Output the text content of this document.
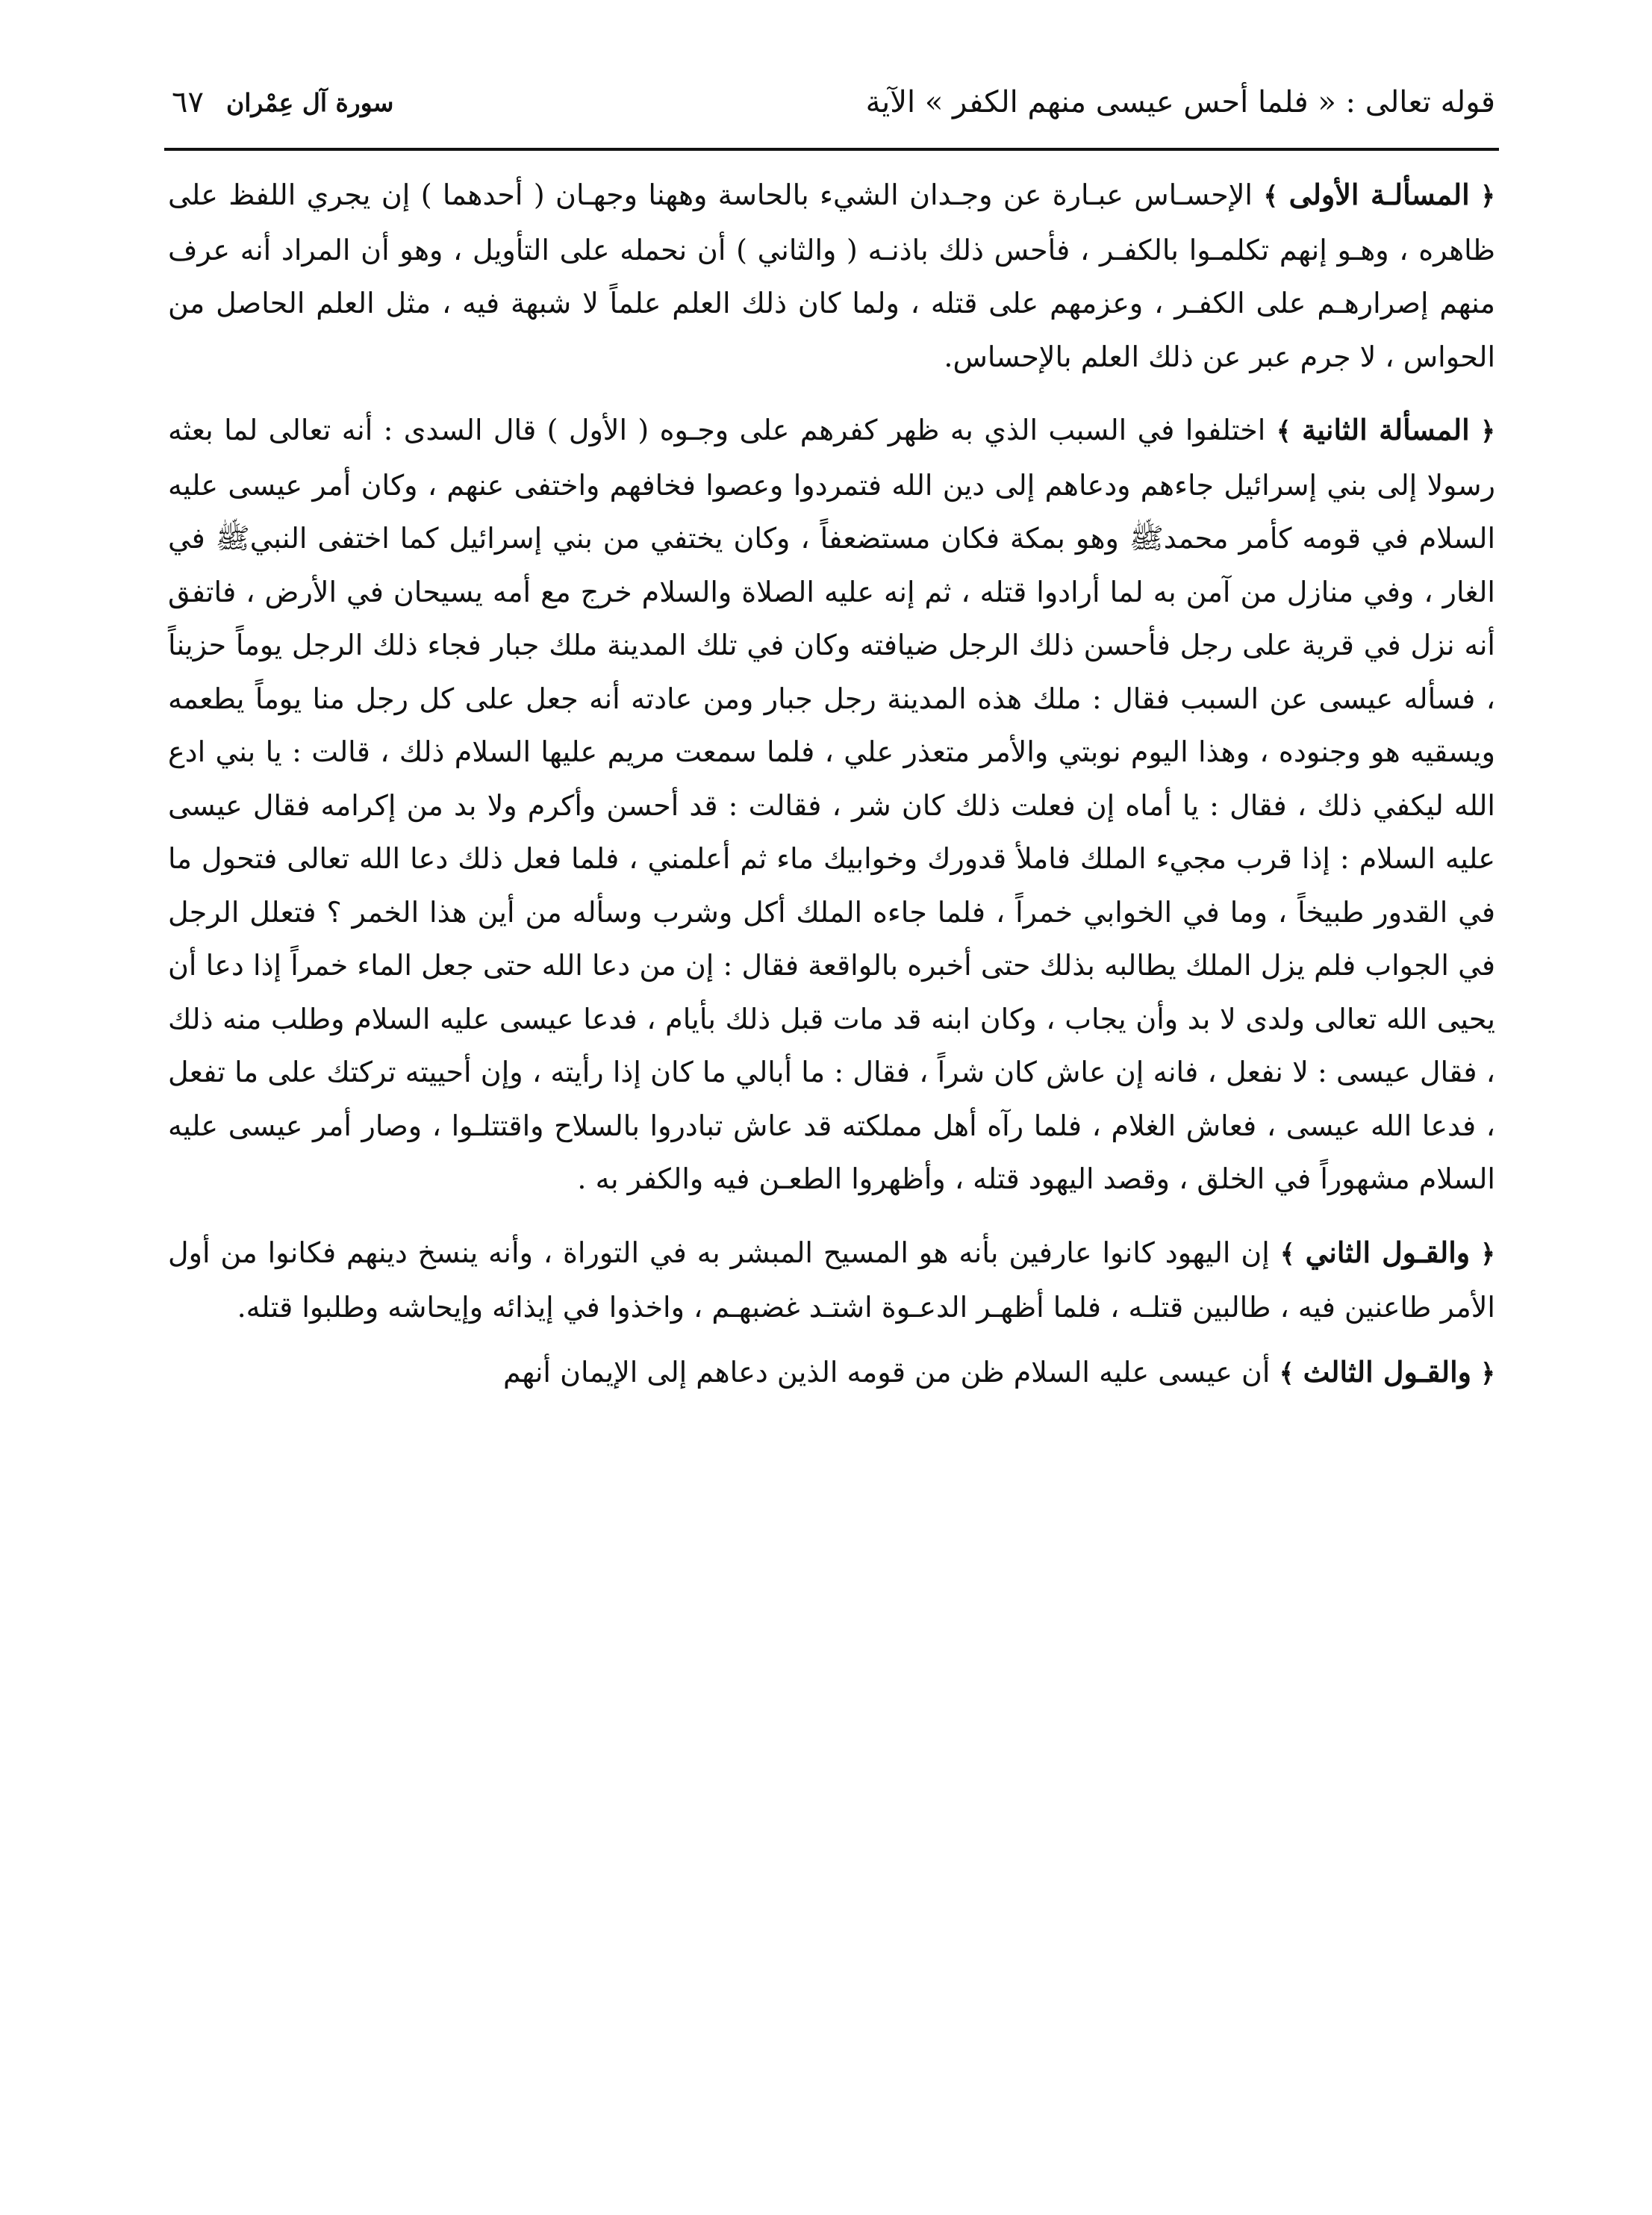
قوله تعالى : « فلما أحس عيسى منهم الكفر » الآية
سورة آل عِمْران
٦٧

﴿ المسألـة الأولى ﴾ الإحسـاس عبـارة عن وجـدان الشيء بالحاسة وههنا وجهـان ( أحدهما ) إن يجري اللفظ على ظاهره ، وهـو إنهم تكلمـوا بالكفـر ، فأحس ذلك باذنـه ( والثاني ) أن نحمله على التأويل ، وهو أن المراد أنه عرف منهم إصرارهـم على الكفـر ، وعزمهم على قتله ، ولما كان ذلك العلم علماً لا شبهة فيه ، مثل العلم الحاصل من الحواس ، لا جرم عبر عن ذلك العلم بالإحساس.

﴿ المسألة الثانية ﴾ اختلفوا في السبب الذي به ظهر كفرهم على وجـوه ( الأول ) قال السدى : أنه تعالى لما بعثه رسولا إلى بني إسرائيل جاءهم ودعاهم إلى دين الله فتمردوا وعصوا فخافهم واختفى عنهم ، وكان أمر عيسى عليه السلام في قومه كأمر محمدﷺ وهو بمكة فكان مستضعفاً ، وكان يختفي من بني إسرائيل كما اختفى النبيﷺ في الغار ، وفي منازل من آمن به لما أرادوا قتله ، ثم إنه عليه الصلاة والسلام خرج مع أمه يسيحان في الأرض ، فاتفق أنه نزل في قرية على رجل فأحسن ذلك الرجل ضيافته وكان في تلك المدينة ملك جبار فجاء ذلك الرجل يوماً حزيناً ، فسأله عيسى عن السبب فقال : ملك هذه المدينة رجل جبار ومن عادته أنه جعل على كل رجل منا يوماً يطعمه ويسقيه هو وجنوده ، وهذا اليوم نوبتي والأمر متعذر علي ، فلما سمعت مريم عليها السلام ذلك ، قالت : يا بني ادع الله ليكفي ذلك ، فقال : يا أماه إن فعلت ذلك كان شر ، فقالت : قد أحسن وأكرم ولا بد من إكرامه فقال عيسى عليه السلام : إذا قرب مجيء الملك فاملأ قدورك وخوابيك ماء ثم أعلمني ، فلما فعل ذلك دعا الله تعالى فتحول ما في القدور طبيخاً ، وما في الخوابي خمراً ، فلما جاءه الملك أكل وشرب وسأله من أين هذا الخمر ؟ فتعلل الرجل في الجواب فلم يزل الملك يطالبه بذلك حتى أخبره بالواقعة فقال : إن من دعا الله حتى جعل الماء خمراً إذا دعا أن يحيى الله تعالى ولدى لا بد وأن يجاب ، وكان ابنه قد مات قبل ذلك بأيام ، فدعا عيسى عليه السلام وطلب منه ذلك ، فقال عيسى : لا نفعل ، فانه إن عاش كان شراً ، فقال : ما أبالي ما كان إذا رأيته ، وإن أحييته تركتك على ما تفعل ، فدعا الله عيسى ، فعاش الغلام ، فلما رآه أهل مملكته قد عاش تبادروا بالسلاح واقتتلـوا ، وصار أمر عيسى عليه السلام مشهوراً في الخلق ، وقصد اليهود قتله ، وأظهروا الطعـن فيه والكفر به .

﴿ والقـول الثاني ﴾ إن اليهود كانوا عارفين بأنه هو المسيح المبشر به في التوراة ، وأنه ينسخ دينهم فكانوا من أول الأمر طاعنين فيه ، طالبين قتلـه ، فلما أظهـر الدعـوة اشتـد غضبهـم ، واخذوا في إيذائه وإيحاشه وطلبوا قتله.

﴿ والقـول الثالث ﴾ أن عيسى عليه السلام ظن من قومه الذين دعاهم إلى الإيمان أنهم
